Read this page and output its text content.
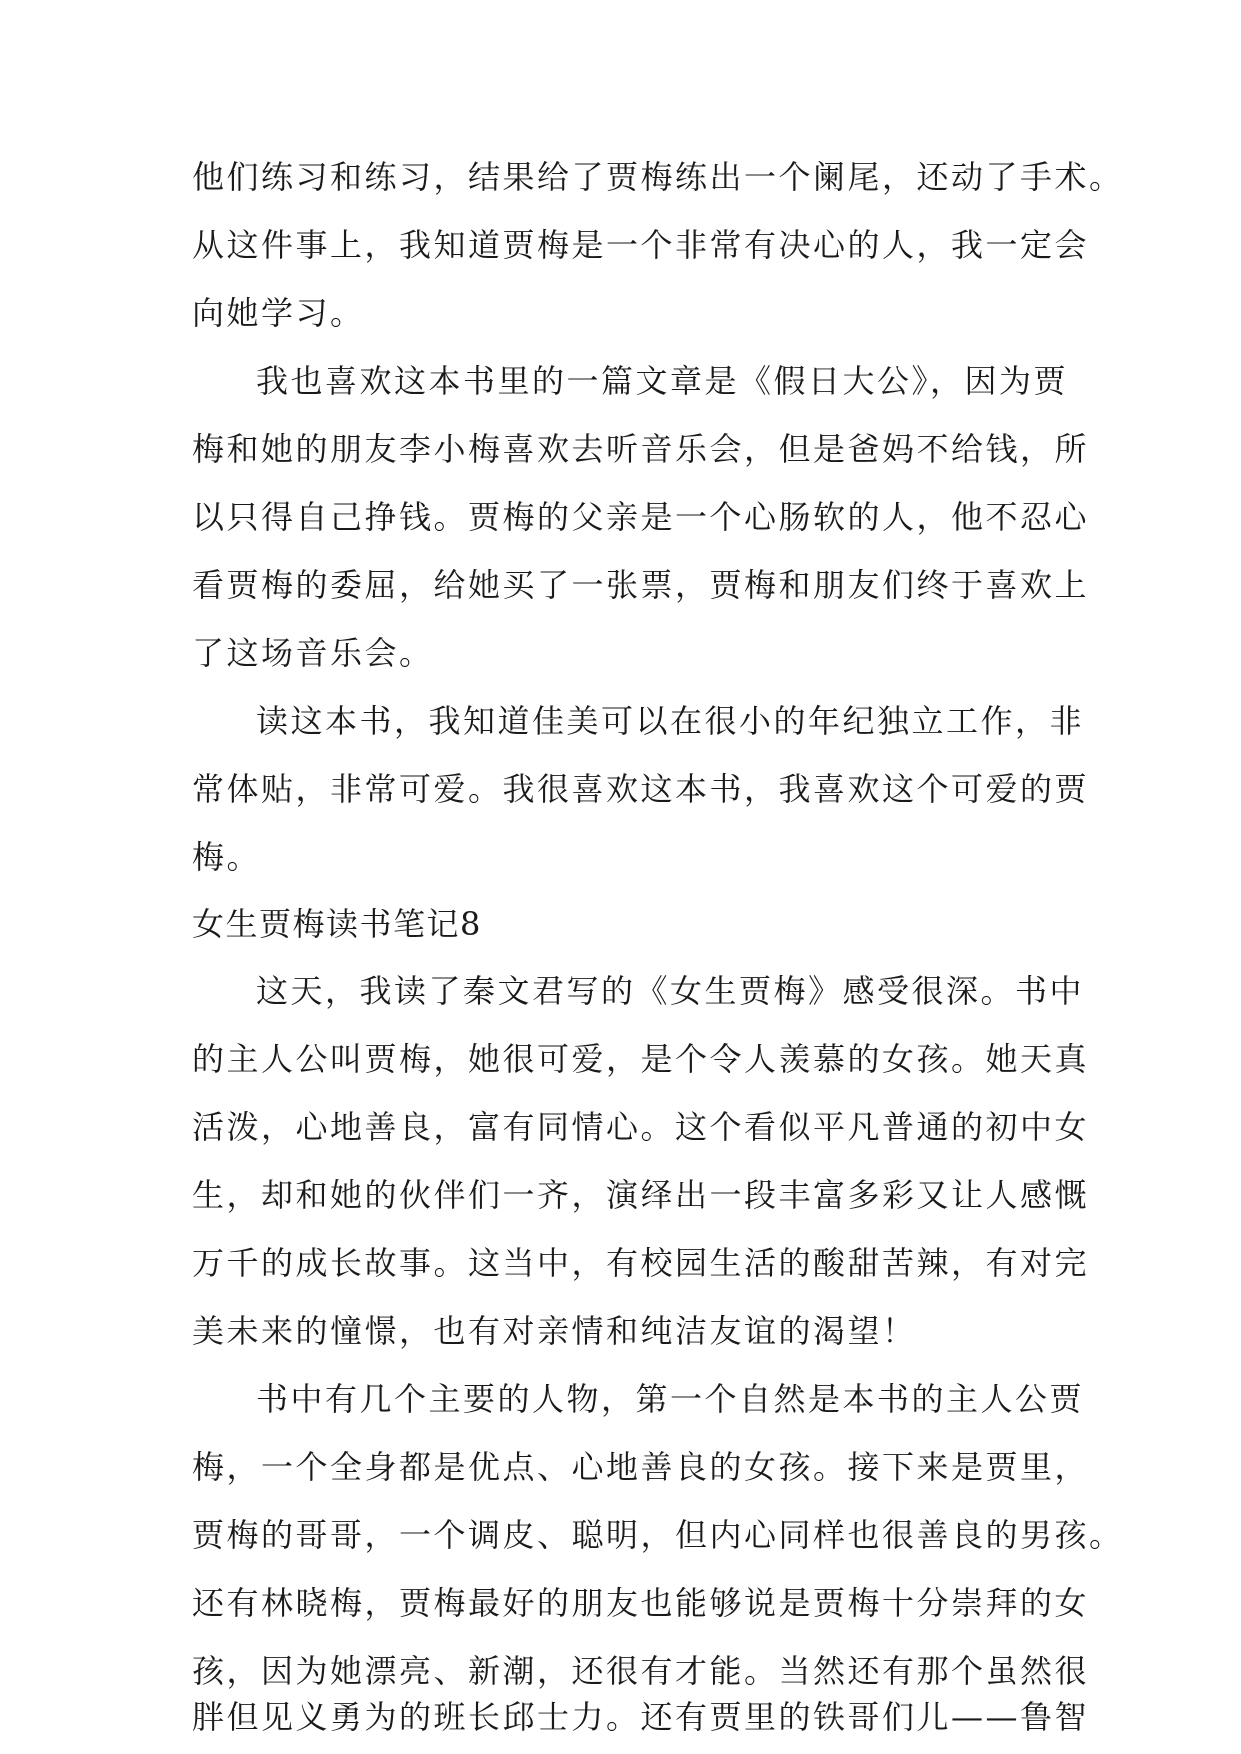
他们练习和练习，结果给了贾梅练出一个阑尾，还动了手术。
从这件事上，我知道贾梅是一个非常有决心的人，我一定会
向她学习。
我也喜欢这本书里的一篇文章是《假日大公》，因为贾
梅和她的朋友李小梅喜欢去听音乐会，但是爸妈不给钱，所
以只得自己挣钱。贾梅的父亲是一个心肠软的人，他不忍心
看贾梅的委屈，给她买了一张票，贾梅和朋友们终于喜欢上
了这场音乐会。
读这本书，我知道佳美可以在很小的年纪独立工作，非
常体贴，非常可爱。我很喜欢这本书，我喜欢这个可爱的贾
梅。
女生贾梅读书笔记8
这天，我读了秦文君写的《女生贾梅》感受很深。书中
的主人公叫贾梅，她很可爱，是个令人羡慕的女孩。她天真
活泼，心地善良，富有同情心。这个看似平凡普通的初中女
生，却和她的伙伴们一齐，演绎出一段丰富多彩又让人感慨
万千的成长故事。这当中，有校园生活的酸甜苦辣，有对完
美未来的憧憬，也有对亲情和纯洁友谊的渴望！
书中有几个主要的人物，第一个自然是本书的主人公贾
梅，一个全身都是优点、心地善良的女孩。接下来是贾里，
贾梅的哥哥，一个调皮、聪明，但内心同样也很善良的男孩。
还有林晓梅，贾梅最好的朋友也能够说是贾梅十分崇拜的女
孩，因为她漂亮、新潮，还很有才能。当然还有那个虽然很
胖但见义勇为的班长邱士力。还有贾里的铁哥们儿——鲁智
